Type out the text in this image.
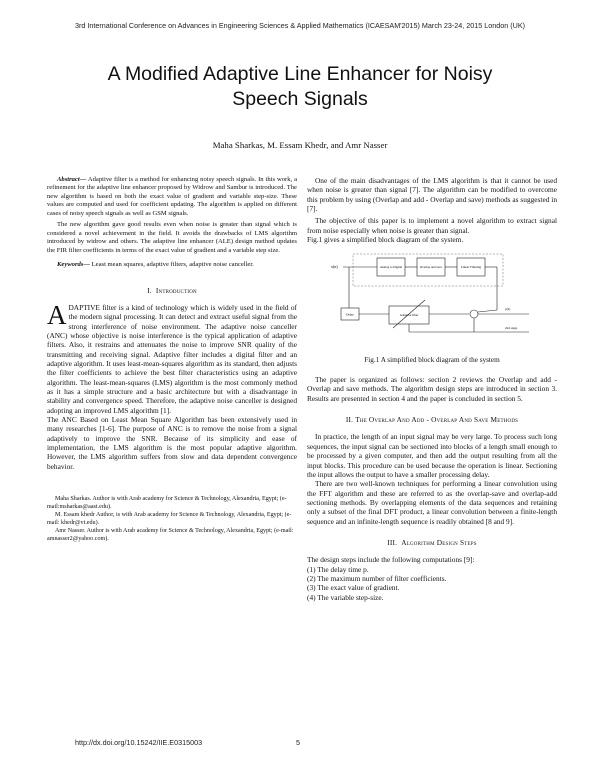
3rd International Conference on Advances in Engineering Sciences & Applied Mathematics (ICAESAM'2015) March 23-24, 2015 London (UK)
A Modified Adaptive Line Enhancer for Noisy
Speech Signals
Maha Sharkas, M. Essam Khedr, and Amr Nasser

Abstract— Adaptive filter is a method for enhancing noisy speech signals. In this work, a refinement for the adaptive line enhancer proposed by Widrow and Sambur is introduced. The new algorithm is based on both the exact value of gradient and variable step-size. These values are computed and used for coefficient updating. The algorithm is applied on different cases of noisy speech signals as well as GSM signals.

The new algorithm gave good results even when noise is greater than signal which is considered a novel achievement in the field. It avoids the drawbacks of LMS algorithm introduced by widrow and others. The adaptive line enhancer (ALE) design method updates the FIR filter coefficients in terms of the exact value of gradient and a variable step size.

Keywords— Least mean squares, adaptive filters, adaptive noise canceller.

I. Introduction

ADAPTIVE filter is a kind of technology which is widely used in the field of the modern signal processing. It can detect and extract useful signal from the strong interference of noise environment. The adaptive noise canceller (ANC) whose objective is noise interference is the typical application of adaptive filters. Also, it restrains and attenuates the noise to improve SNR quality of the transmitting and receiving signal. Adaptive filter includes a digital filter and an adaptive algorithm. It uses least-mean-squares algorithm as its standard, then adjusts the filter coefficients to achieve the best filter characteristics using an adaptive algorithm. The least-mean-squares (LMS) algorithm is the most commonly method as it has a simple structure and a basic architecture but with a disadvantage in stability and convergence speed. Therefore, the adaptive noise canceller is designed adopting an improved LMS algorithm [1].

The ANC Based on Least Mean Square Algorithm has been extensively used in many researches [1-6]. The purpose of ANC is to remove the noise from a signal adaptively to improve the SNR. Because of its simplicity and ease of implementation, the LMS algorithm is the most popular adaptive algorithm. However, the LMS algorithm suffers from slow and data dependent convergence behavior.

Maha Sharkas. Author is with Arab academy for Science & Technology, Alexandria, Egypt; (e-mail:msharkas@aast.edu).

M. Essam khedr Author, is with Arab academy for Science & Technology, Alexandria, Egypt; (e-mail: khedr@vt.edu).

Amr Nasser. Author is with Arab academy for Science & Technology, Alexandria, Egypt; (e-mail: amnasser2@yahoo.com).

One of the main disadvantages of the LMS algorithm is that it cannot be used when noise is greater than signal [7]. The algorithm can be modified to overcome this problem by using (Overlap and add - Overlap and save) methods as suggested in [7].

The objective of this paper is to implement a novel algorithm to extract signal from noise especially when noise is greater than signal.

Fig.1 gives a simplified block diagram of the system.

x(n)	Analog to Digital	Overlap and save	Linear Filtering
Delay	Adaptive filter
y(n)
2nd stage
Fig.1 A simplified block diagram of the system

The paper is organized as follows: section 2 reviews the Overlap and add - Overlap and save methods. The algorithm design steps are introduced in section 3. Results are presented in section 4 and the paper is concluded in section 5.

II. The Overlap And Add - Overlap And Save Methods

In practice, the length of an input signal may be very large. To process such long sequences, the input signal can be sectioned into blocks of a length small enough to be processed by a given computer, and then add the output resulting from all the input blocks. This procedure can be used because the operation is linear. Sectioning the input allows the output to have a smaller processing delay.

There are two well-known techniques for performing a linear convolution using the FFT algorithm and these are referred to as the overlap-save and overlap-add sectioning methods. By overlapping elements of the data sequences and retaining only a subset of the final DFT product, a linear convolution between a finite-length sequence and an infinite-length sequence is readily obtained [8 and 9].

III. Algorithm Design Steps

The design steps include the following computations [9]:

(1) The delay time p.
(2) The maximum number of filter coefficients.
(3) The exact value of gradient.
(4) The variable step-size.
http://dx.doi.org/10.15242/IIE.E0315003	5
